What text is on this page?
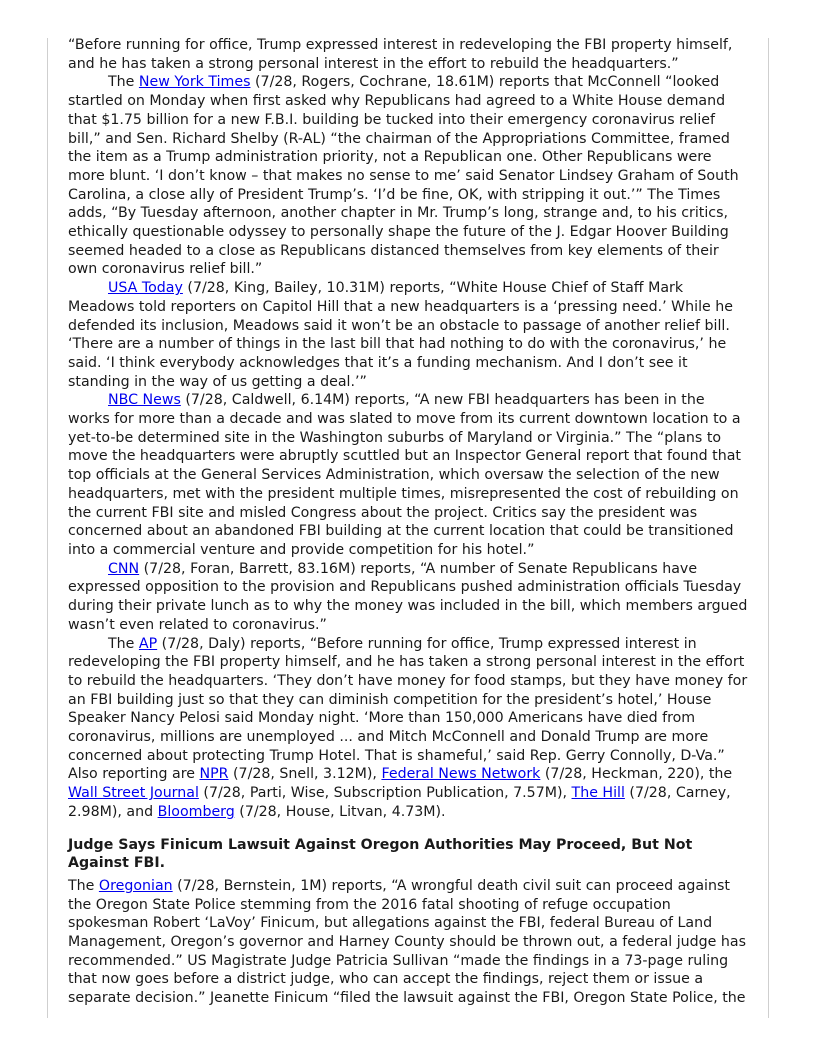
“Before running for office, Trump expressed interest in redeveloping the FBI property himself, and he has taken a strong personal interest in the effort to rebuild the headquarters.”

The New York Times (7/28, Rogers, Cochrane, 18.61M) reports that McConnell “looked startled on Monday when first asked why Republicans had agreed to a White House demand that $1.75 billion for a new F.B.I. building be tucked into their emergency coronavirus relief bill,” and Sen. Richard Shelby (R-AL) “the chairman of the Appropriations Committee, framed the item as a Trump administration priority, not a Republican one. Other Republicans were more blunt. ‘I don’t know – that makes no sense to me’ said Senator Lindsey Graham of South Carolina, a close ally of President Trump’s. ‘I’d be fine, OK, with stripping it out.’” The Times adds, “By Tuesday afternoon, another chapter in Mr. Trump’s long, strange and, to his critics, ethically questionable odyssey to personally shape the future of the J. Edgar Hoover Building seemed headed to a close as Republicans distanced themselves from key elements of their own coronavirus relief bill.”

USA Today (7/28, King, Bailey, 10.31M) reports, “White House Chief of Staff Mark Meadows told reporters on Capitol Hill that a new headquarters is a ‘pressing need.’ While he defended its inclusion, Meadows said it won’t be an obstacle to passage of another relief bill. ‘There are a number of things in the last bill that had nothing to do with the coronavirus,’ he said. ‘I think everybody acknowledges that it’s a funding mechanism. And I don’t see it standing in the way of us getting a deal.’”

NBC News (7/28, Caldwell, 6.14M) reports, “A new FBI headquarters has been in the works for more than a decade and was slated to move from its current downtown location to a yet-to-be determined site in the Washington suburbs of Maryland or Virginia.” The “plans to move the headquarters were abruptly scuttled but an Inspector General report that found that top officials at the General Services Administration, which oversaw the selection of the new headquarters, met with the president multiple times, misrepresented the cost of rebuilding on the current FBI site and misled Congress about the project. Critics say the president was concerned about an abandoned FBI building at the current location that could be transitioned into a commercial venture and provide competition for his hotel.”

CNN (7/28, Foran, Barrett, 83.16M) reports, “A number of Senate Republicans have expressed opposition to the provision and Republicans pushed administration officials Tuesday during their private lunch as to why the money was included in the bill, which members argued wasn’t even related to coronavirus.”

The AP (7/28, Daly) reports, “Before running for office, Trump expressed interest in redeveloping the FBI property himself, and he has taken a strong personal interest in the effort to rebuild the headquarters. ‘They don’t have money for food stamps, but they have money for an FBI building just so that they can diminish competition for the president’s hotel,’ House Speaker Nancy Pelosi said Monday night. ‘More than 150,000 Americans have died from coronavirus, millions are unemployed ... and Mitch McConnell and Donald Trump are more concerned about protecting Trump Hotel. That is shameful,’ said Rep. Gerry Connolly, D-Va.” Also reporting are NPR (7/28, Snell, 3.12M), Federal News Network (7/28, Heckman, 220), the Wall Street Journal (7/28, Parti, Wise, Subscription Publication, 7.57M), The Hill (7/28, Carney, 2.98M), and Bloomberg (7/28, House, Litvan, 4.73M).

Judge Says Finicum Lawsuit Against Oregon Authorities May Proceed, But Not Against FBI.

The Oregonian (7/28, Bernstein, 1M) reports, “A wrongful death civil suit can proceed against the Oregon State Police stemming from the 2016 fatal shooting of refuge occupation spokesman Robert ‘LaVoy’ Finicum, but allegations against the FBI, federal Bureau of Land Management, Oregon’s governor and Harney County should be thrown out, a federal judge has recommended.” US Magistrate Judge Patricia Sullivan “made the findings in a 73-page ruling that now goes before a district judge, who can accept the findings, reject them or issue a separate decision.” Jeanette Finicum “filed the lawsuit against the FBI, Oregon State Police, the
